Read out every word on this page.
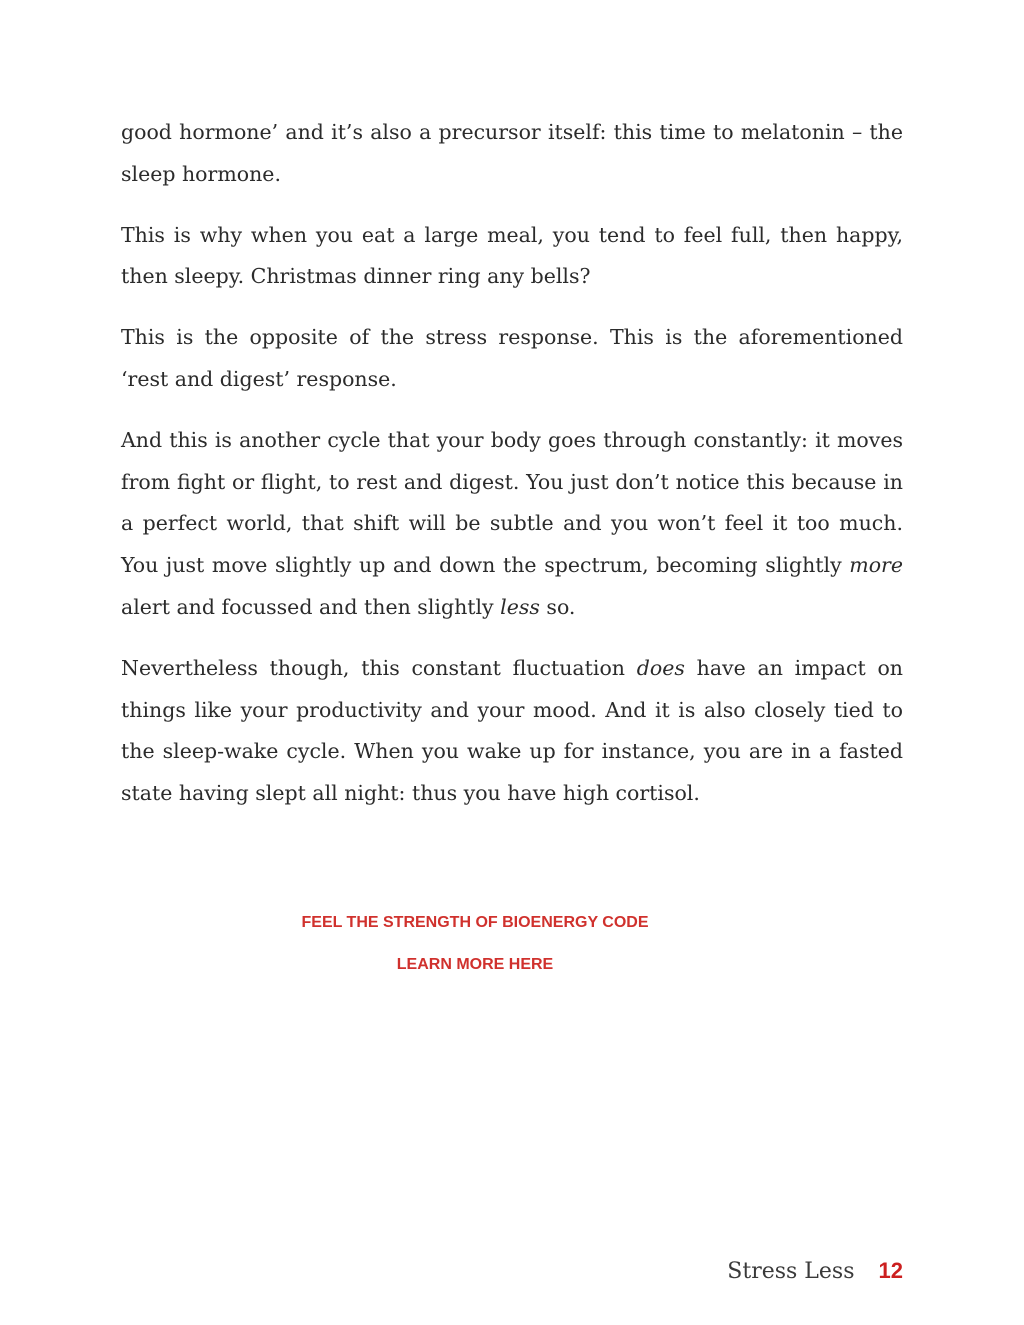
good hormone’ and it’s also a precursor itself: this time to melatonin – the sleep hormone.

This is why when you eat a large meal, you tend to feel full, then happy, then sleepy. Christmas dinner ring any bells?

This is the opposite of the stress response. This is the aforementioned ‘rest and digest’ response.

And this is another cycle that your body goes through constantly: it moves from fight or flight, to rest and digest. You just don’t notice this because in a perfect world, that shift will be subtle and you won’t feel it too much. You just move slightly up and down the spectrum, becoming slightly more alert and focussed and then slightly less so.

Nevertheless though, this constant fluctuation does have an impact on things like your productivity and your mood. And it is also closely tied to the sleep-wake cycle. When you wake up for instance, you are in a fasted state having slept all night: thus you have high cortisol.

FEEL THE STRENGTH OF BIOENERGY CODE
LEARN MORE HERE
Stress Less 12
